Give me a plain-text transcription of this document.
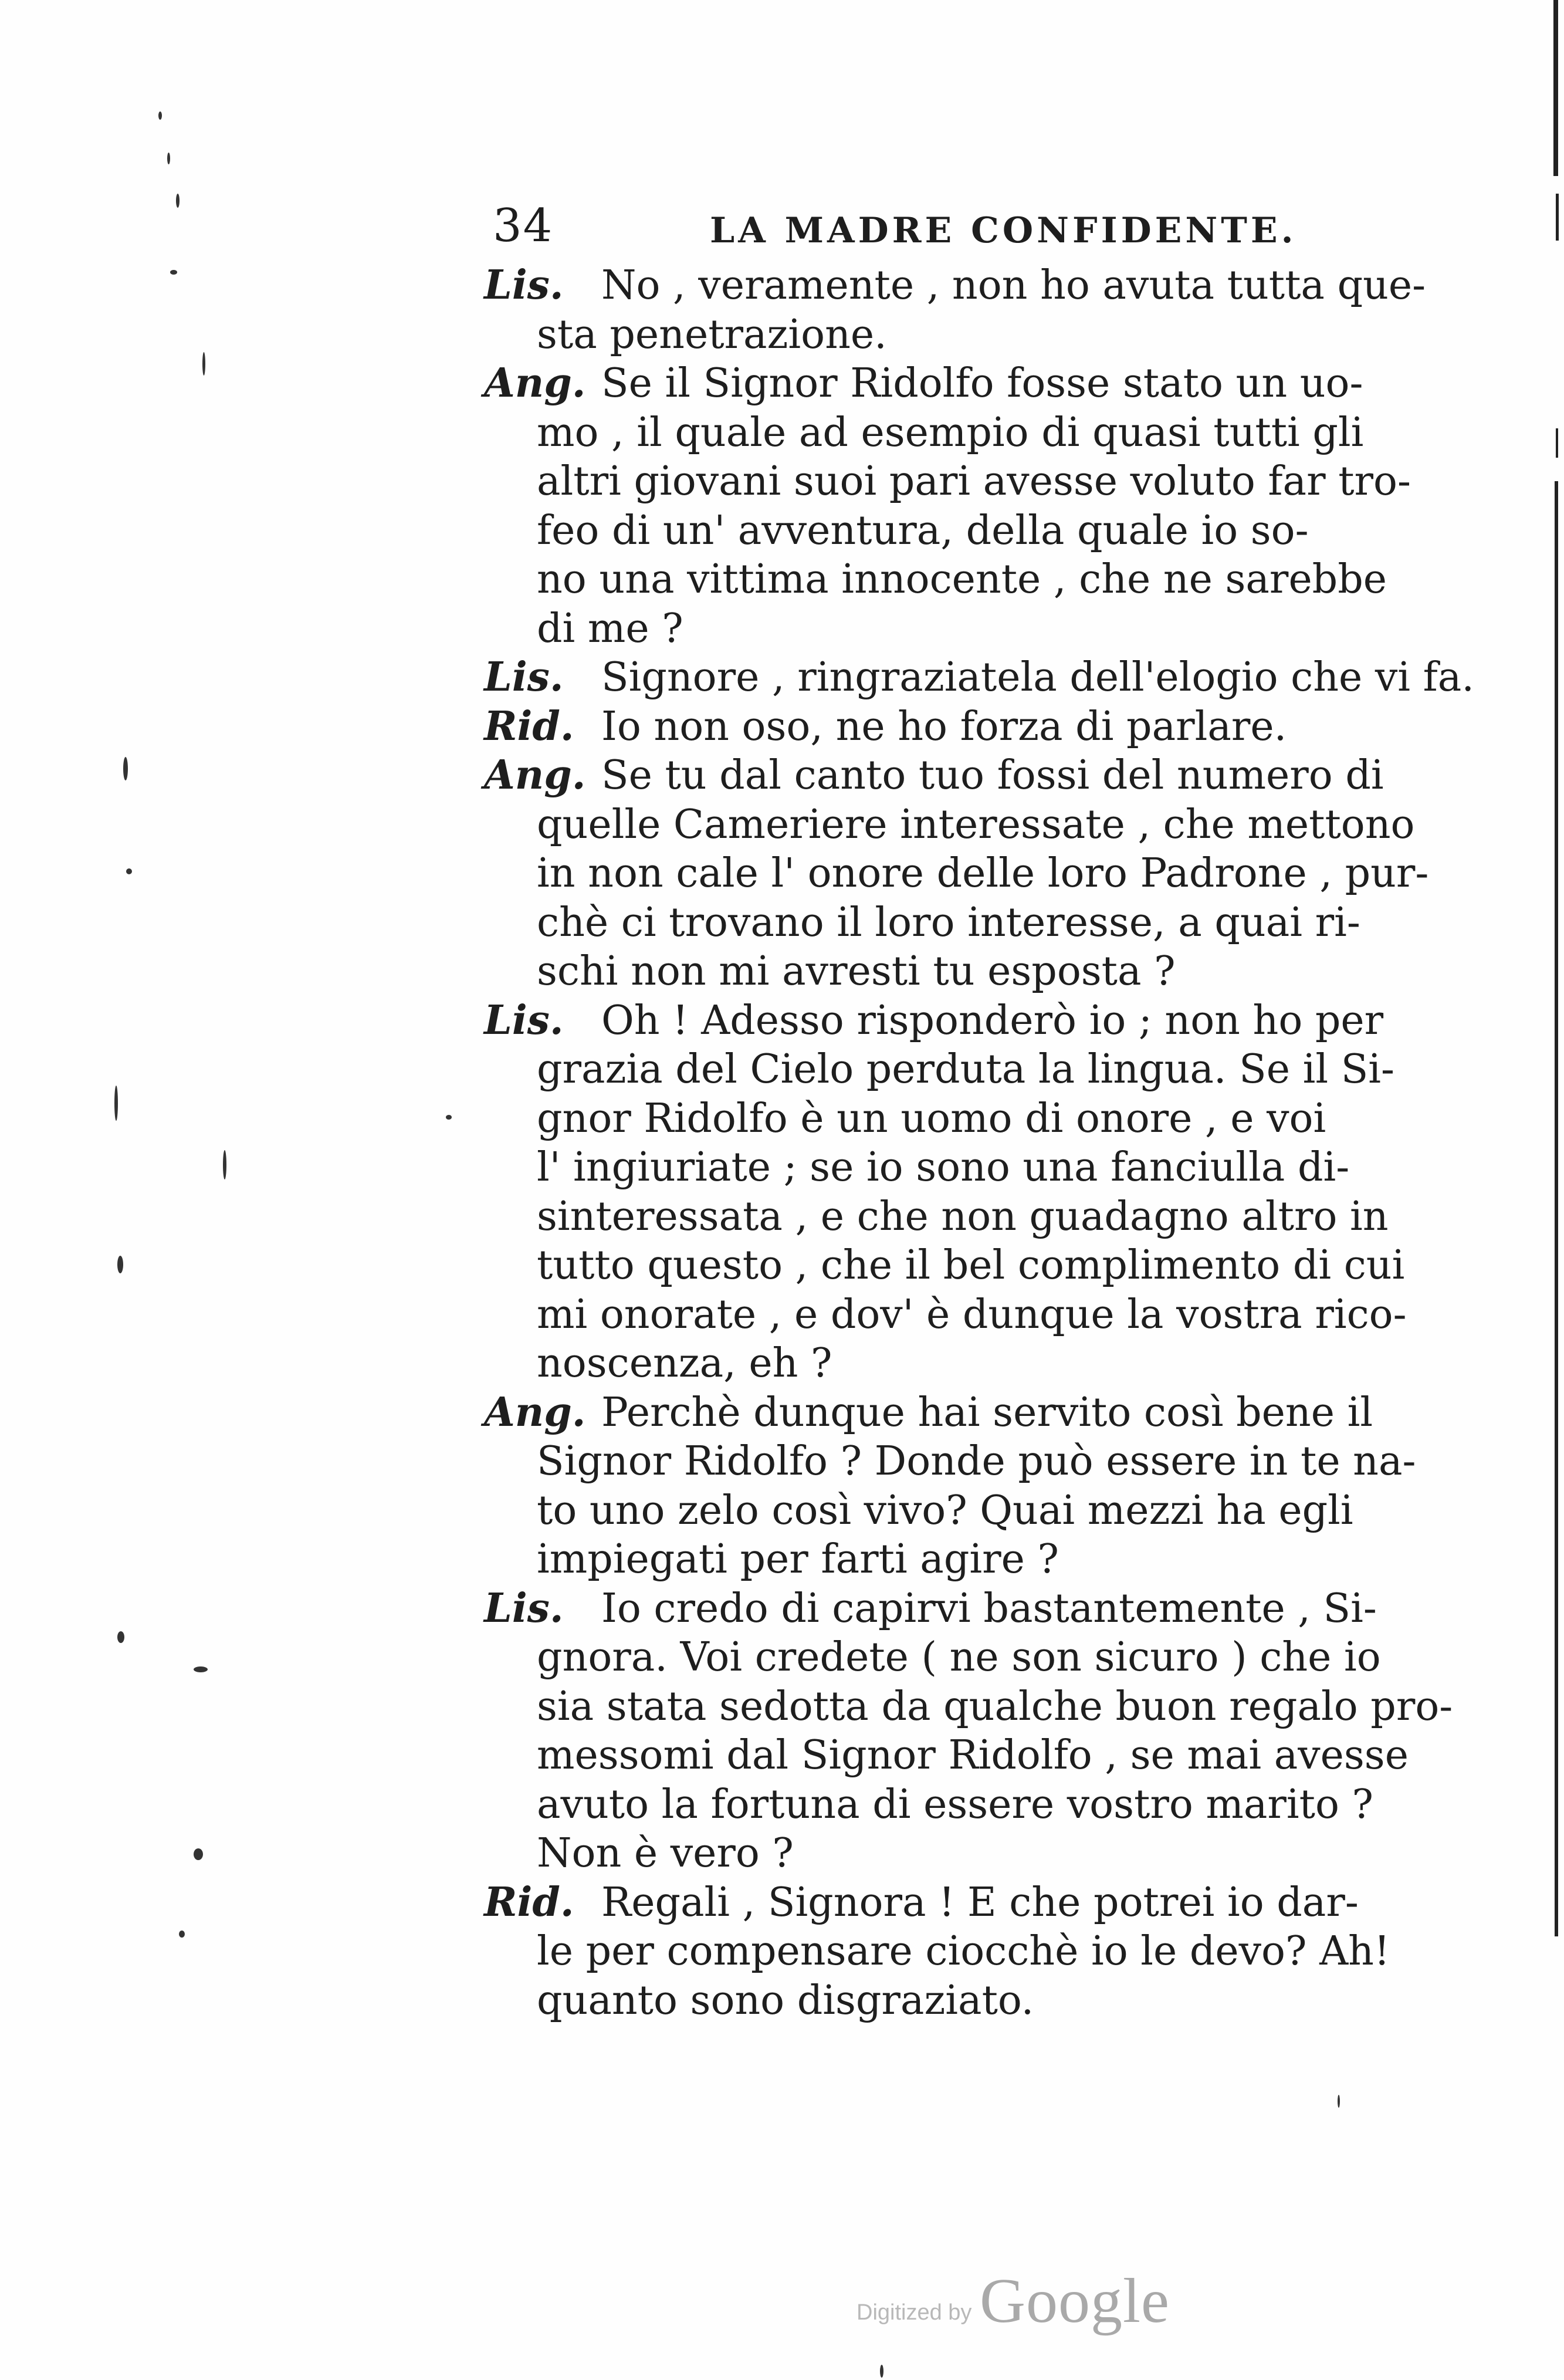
34	LA MADRE CONFIDENTE.
Lis. No , veramente , non ho avuta tutta que-
sta penetrazione.
Ang. Se il Signor Ridolfo fosse stato un uo-
mo , il quale ad esempio di quasi tutti gli
altri giovani suoi pari avesse voluto far tro-
feo di un' avventura, della quale io so-
no una vittima innocente , che ne sarebbe
di me ?
Lis. Signore , ringraziatela dell'elogio che vi fa.
Rid. Io non oso, ne ho forza di parlare.
Ang. Se tu dal canto tuo fossi del numero di
quelle Cameriere interessate , che mettono
in non cale l' onore delle loro Padrone , pur-
chè ci trovano il loro interesse, a quai ri-
schi non mi avresti tu esposta ?
Lis. Oh ! Adesso risponderò io ; non ho per
grazia del Cielo perduta la lingua. Se il Si-
gnor Ridolfo è un uomo di onore , e voi
l' ingiuriate ; se io sono una fanciulla di-
sinteressata , e che non guadagno altro in
tutto questo , che il bel complimento di cui
mi onorate , e dov' è dunque la vostra rico-
noscenza, eh ?
Ang. Perchè dunque hai servito così bene il
Signor Ridolfo ? Donde può essere in te na-
to uno zelo così vivo? Quai mezzi ha egli
impiegati per farti agire ?
Lis. Io credo di capirvi bastantemente , Si-
gnora. Voi credete ( ne son sicuro ) che io
sia stata sedotta da qualche buon regalo pro-
messomi dal Signor Ridolfo , se mai avesse
avuto la fortuna di essere vostro marito ?
Non è vero ?
Rid. Regali , Signora ! E che potrei io dar-
le per compensare ciocchè io le devo? Ah!
quanto sono disgraziato.
Digitized by Google
